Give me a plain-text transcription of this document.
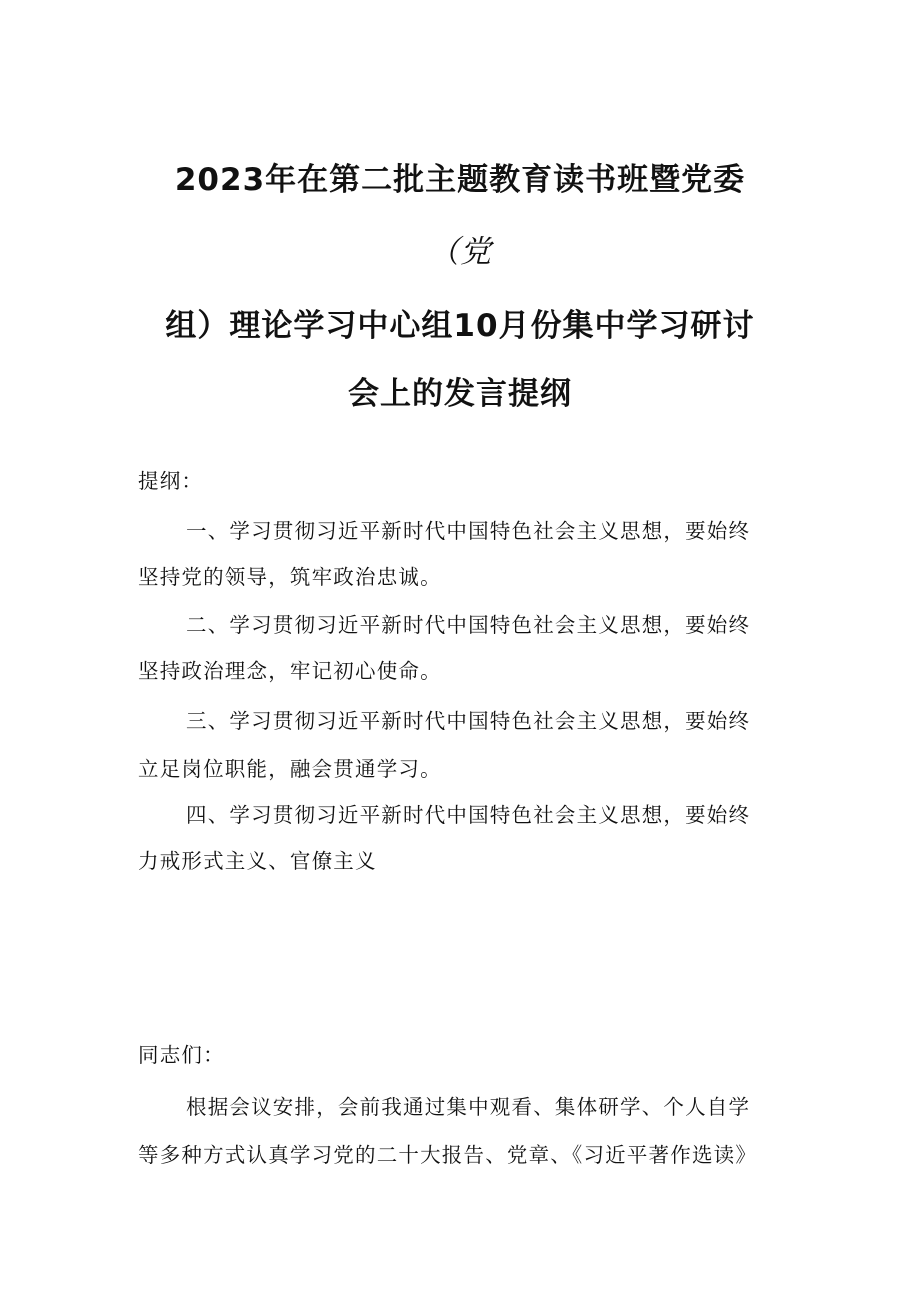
2023年在第二批主题教育读书班暨党委
（党
组）理论学习中心组10月份集中学习研讨
会上的发言提纲
提纲：
一、学习贯彻习近平新时代中国特色社会主义思想，要始终
坚持党的领导，筑牢政治忠诚。
二、学习贯彻习近平新时代中国特色社会主义思想，要始终
坚持政治理念，牢记初心使命。
三、学习贯彻习近平新时代中国特色社会主义思想，要始终
立足岗位职能，融会贯通学习。
四、学习贯彻习近平新时代中国特色社会主义思想，要始终
力戒形式主义、官僚主义
同志们：
根据会议安排，会前我通过集中观看、集体研学、个人自学
等多种方式认真学习党的二十大报告、党章、《习近平著作选读》
